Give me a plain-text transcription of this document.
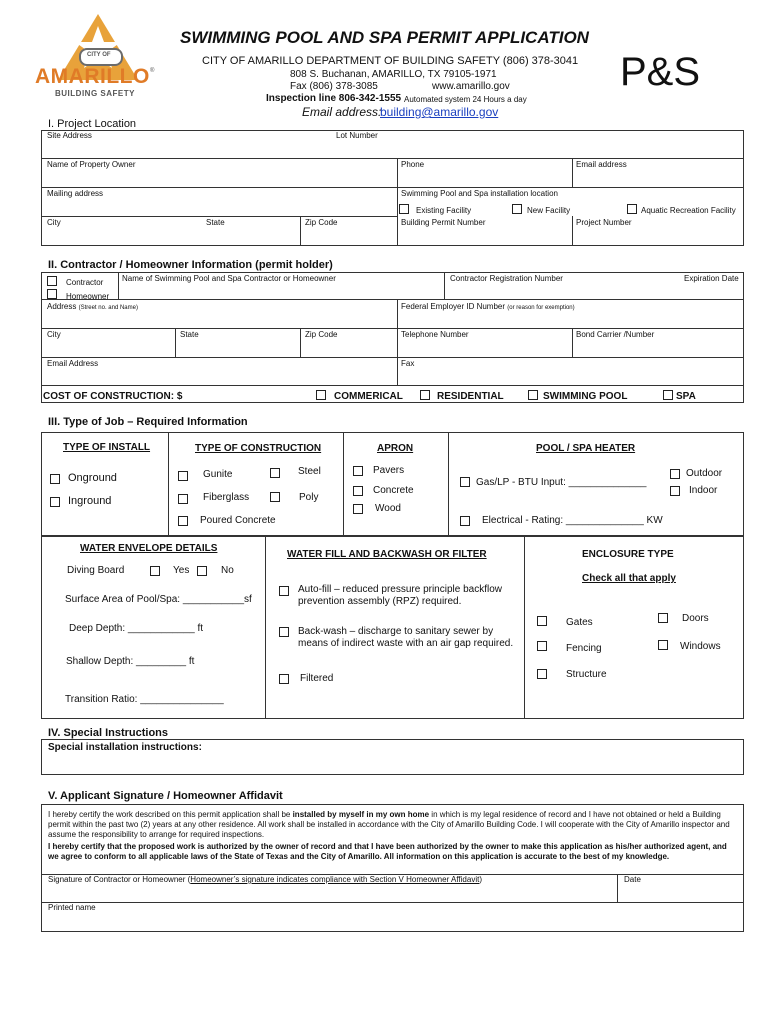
CITY OF
AMARILLO ®
BUILDING SAFETY
SWIMMING POOL AND SPA PERMIT APPLICATION
CITY OF AMARILLO DEPARTMENT OF BUILDING SAFETY (806) 378-3041
808 S. Buchanan, AMARILLO, TX 79105-1971
Fax (806) 378-3085	www.amarillo.gov
Inspection line 806-342-1555 Automated system 24 Hours a day
Email address:
building@amarillo.gov
P&S
I. Project Location
Site Address	Lot Number
Name of Property Owner	Phone	Email address
Mailing address	Swimming Pool and Spa installation location
Existing Facility	New Facility	Aquatic Recreation Facility
City	State	Zip Code	Building Permit Number	Project Number
II. Contractor / Homeowner Information (permit holder)
Contractor
Homeowner
Name of Swimming Pool and Spa Contractor or Homeowner	Contractor Registration Number	Expiration Date
Address (Street no. and Name)	Federal Employer ID Number (or reason for exemption)
City	State	Zip Code	Telephone Number	Bond Carrier /Number
Email Address	Fax
COST OF CONSTRUCTION: $	COMMERICAL	RESIDENTIAL	SWIMMING POOL	SPA
III. Type of Job – Required Information
TYPE OF INSTALL	TYPE OF CONSTRUCTION	APRON	POOL / SPA HEATER
Onground
Inground
Gunite	Steel
Fiberglass	Poly
Poured Concrete
Pavers
Concrete
Wood
Gas/LP - BTU Input: ______________
Outdoor
Indoor
Electrical - Rating: ______________ KW
WATER ENVELOPE DETAILS
Diving Board	Yes	No
Surface Area of Pool/Spa: ___________sf
Deep Depth: ____________ ft
Shallow Depth: _________ ft
Transition Ratio: _______________
WATER FILL AND BACKWASH OR FILTER
Auto-fill – reduced pressure principle backflow prevention assembly (RPZ) required.
Back-wash – discharge to sanitary sewer by means of indirect waste with an air gap required.
Filtered
ENCLOSURE TYPE
Check all that apply
Gates	Doors
Fencing	Windows
Structure
IV. Special Instructions
Special installation instructions:
V. Applicant Signature / Homeowner Affidavit
I hereby certify the work described on this permit application shall be installed by myself in my own home in which is my legal residence of record and I have not obtained or held a Building permit within the past two (2) years at any other residence. All work shall be installed in accordance with the City of Amarillo Building Code. I will cooperate with the City of Amarillo inspector and assume the responsibility to arrange for required inspections.
I hereby certify that the proposed work is authorized by the owner of record and that I have been authorized by the owner to make this application as his/her authorized agent, and we agree to conform to all applicable laws of the State of Texas and the City of Amarillo. All information on this application is accurate to the best of my knowledge.
Signature of Contractor or Homeowner (Homeowner’s signature indicates compliance with Section V Homeowner Affidavit)	Date
Printed name
